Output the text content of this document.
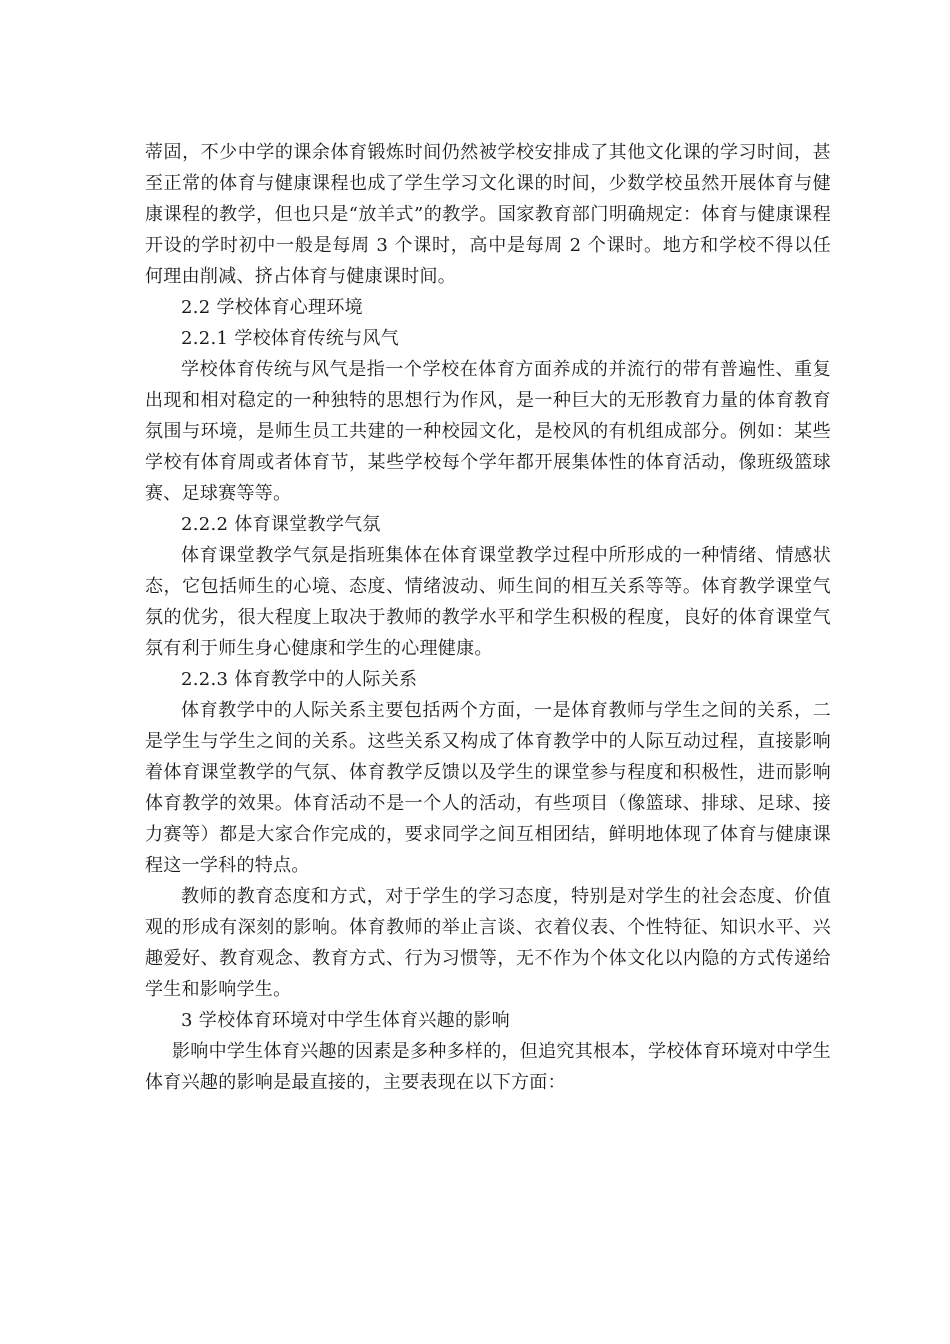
蒂固，不少中学的课余体育锻炼时间仍然被学校安排成了其他文化课的学习时间，甚至正常的体育与健康课程也成了学生学习文化课的时间，少数学校虽然开展体育与健康课程的教学，但也只是“放羊式”的教学。国家教育部门明确规定：体育与健康课程开设的学时初中一般是每周 3 个课时，高中是每周 2 个课时。地方和学校不得以任何理由削减、挤占体育与健康课时间。

2.2 学校体育心理环境

2.2.1 学校体育传统与风气

学校体育传统与风气是指一个学校在体育方面养成的并流行的带有普遍性、重复出现和相对稳定的一种独特的思想行为作风，是一种巨大的无形教育力量的体育教育氛围与环境，是师生员工共建的一种校园文化，是校风的有机组成部分。例如：某些学校有体育周或者体育节，某些学校每个学年都开展集体性的体育活动，像班级篮球赛、足球赛等等。

2.2.2 体育课堂教学气氛

体育课堂教学气氛是指班集体在体育课堂教学过程中所形成的一种情绪、情感状态，它包括师生的心境、态度、情绪波动、师生间的相互关系等等。体育教学课堂气氛的优劣，很大程度上取决于教师的教学水平和学生积极的程度，良好的体育课堂气氛有利于师生身心健康和学生的心理健康。

2.2.3 体育教学中的人际关系

体育教学中的人际关系主要包括两个方面，一是体育教师与学生之间的关系，二是学生与学生之间的关系。这些关系又构成了体育教学中的人际互动过程，直接影响着体育课堂教学的气氛、体育教学反馈以及学生的课堂参与程度和积极性，进而影响体育教学的效果。体育活动不是一个人的活动，有些项目（像篮球、排球、足球、接力赛等）都是大家合作完成的，要求同学之间互相团结，鲜明地体现了体育与健康课程这一学科的特点。

教师的教育态度和方式，对于学生的学习态度，特别是对学生的社会态度、价值观的形成有深刻的影响。体育教师的举止言谈、衣着仪表、个性特征、知识水平、兴趣爱好、教育观念、教育方式、行为习惯等，无不作为个体文化以内隐的方式传递给学生和影响学生。

3 学校体育环境对中学生体育兴趣的影响

影响中学生体育兴趣的因素是多种多样的，但追究其根本，学校体育环境对中学生体育兴趣的影响是最直接的，主要表现在以下方面：
